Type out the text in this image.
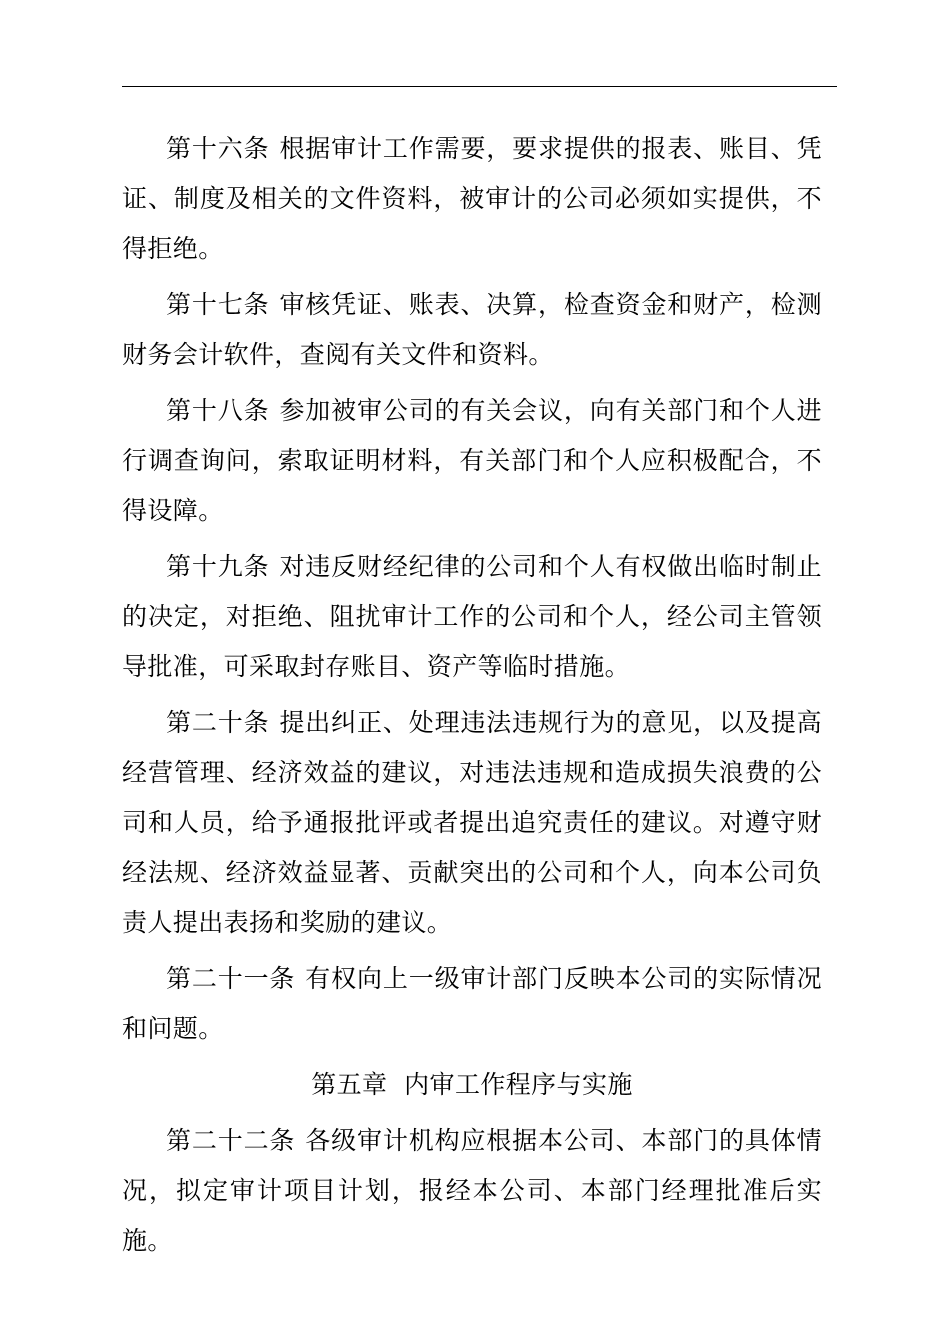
第十六条 根据审计工作需要，要求提供的报表、账目、凭证、制度及相关的文件资料，被审计的公司必须如实提供，不得拒绝。

第十七条 审核凭证、账表、决算，检查资金和财产，检测财务会计软件，查阅有关文件和资料。

第十八条 参加被审公司的有关会议，向有关部门和个人进行调查询问，索取证明材料，有关部门和个人应积极配合，不得设障。

第十九条 对违反财经纪律的公司和个人有权做出临时制止的决定，对拒绝、阻扰审计工作的公司和个人，经公司主管领导批准，可采取封存账目、资产等临时措施。

第二十条 提出纠正、处理违法违规行为的意见，以及提高经营管理、经济效益的建议，对违法违规和造成损失浪费的公司和人员，给予通报批评或者提出追究责任的建议。对遵守财经法规、经济效益显著、贡献突出的公司和个人，向本公司负责人提出表扬和奖励的建议。

第二十一条 有权向上一级审计部门反映本公司的实际情况和问题。

第五章 内审工作程序与实施

第二十二条 各级审计机构应根据本公司、本部门的具体情况，拟定审计项目计划，报经本公司、本部门经理批准后实施。
